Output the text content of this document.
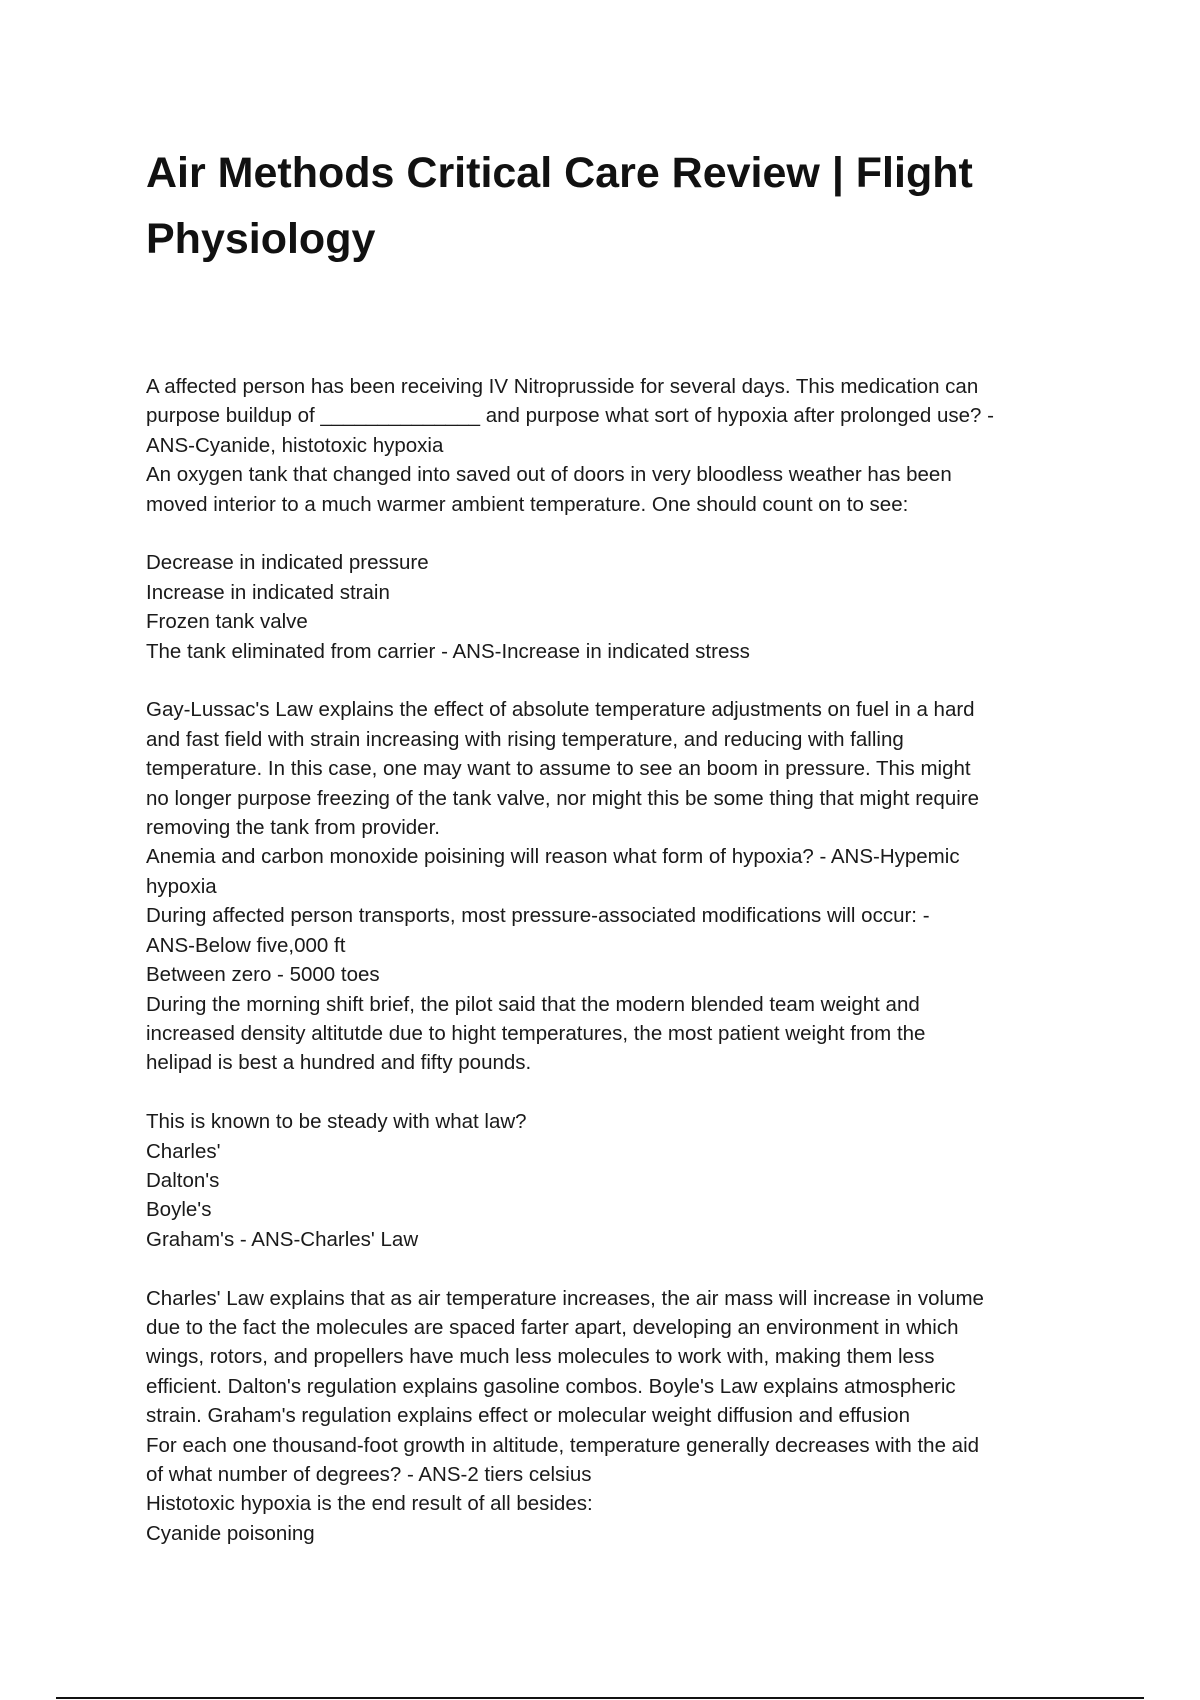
Air Methods Critical Care Review | Flight
Physiology
A affected person has been receiving IV Nitroprusside for several days. This medication can
purpose buildup of ______________ and purpose what sort of hypoxia after prolonged use? -
ANS-Cyanide, histotoxic hypoxia
An oxygen tank that changed into saved out of doors in very bloodless weather has been
moved interior to a much warmer ambient temperature. One should count on to see:
Decrease in indicated pressure
Increase in indicated strain
Frozen tank valve
The tank eliminated from carrier - ANS-Increase in indicated stress
Gay-Lussac's Law explains the effect of absolute temperature adjustments on fuel in a hard
and fast field with strain increasing with rising temperature, and reducing with falling
temperature. In this case, one may want to assume to see an boom in pressure. This might
no longer purpose freezing of the tank valve, nor might this be some thing that might require
removing the tank from provider.
Anemia and carbon monoxide poisining will reason what form of hypoxia? - ANS-Hypemic
hypoxia
During affected person transports, most pressure-associated modifications will occur: -
ANS-Below five,000 ft
Between zero - 5000 toes
During the morning shift brief, the pilot said that the modern blended team weight and
increased density altitutde due to hight temperatures, the most patient weight from the
helipad is best a hundred and fifty pounds.
This is known to be steady with what law?
Charles'
Dalton's
Boyle's
Graham's - ANS-Charles' Law
Charles' Law explains that as air temperature increases, the air mass will increase in volume
due to the fact the molecules are spaced farter apart, developing an environment in which
wings, rotors, and propellers have much less molecules to work with, making them less
efficient. Dalton's regulation explains gasoline combos. Boyle's Law explains atmospheric
strain. Graham's regulation explains effect or molecular weight diffusion and effusion
For each one thousand-foot growth in altitude, temperature generally decreases with the aid
of what number of degrees? - ANS-2 tiers celsius
Histotoxic hypoxia is the end result of all besides:
Cyanide poisoning
